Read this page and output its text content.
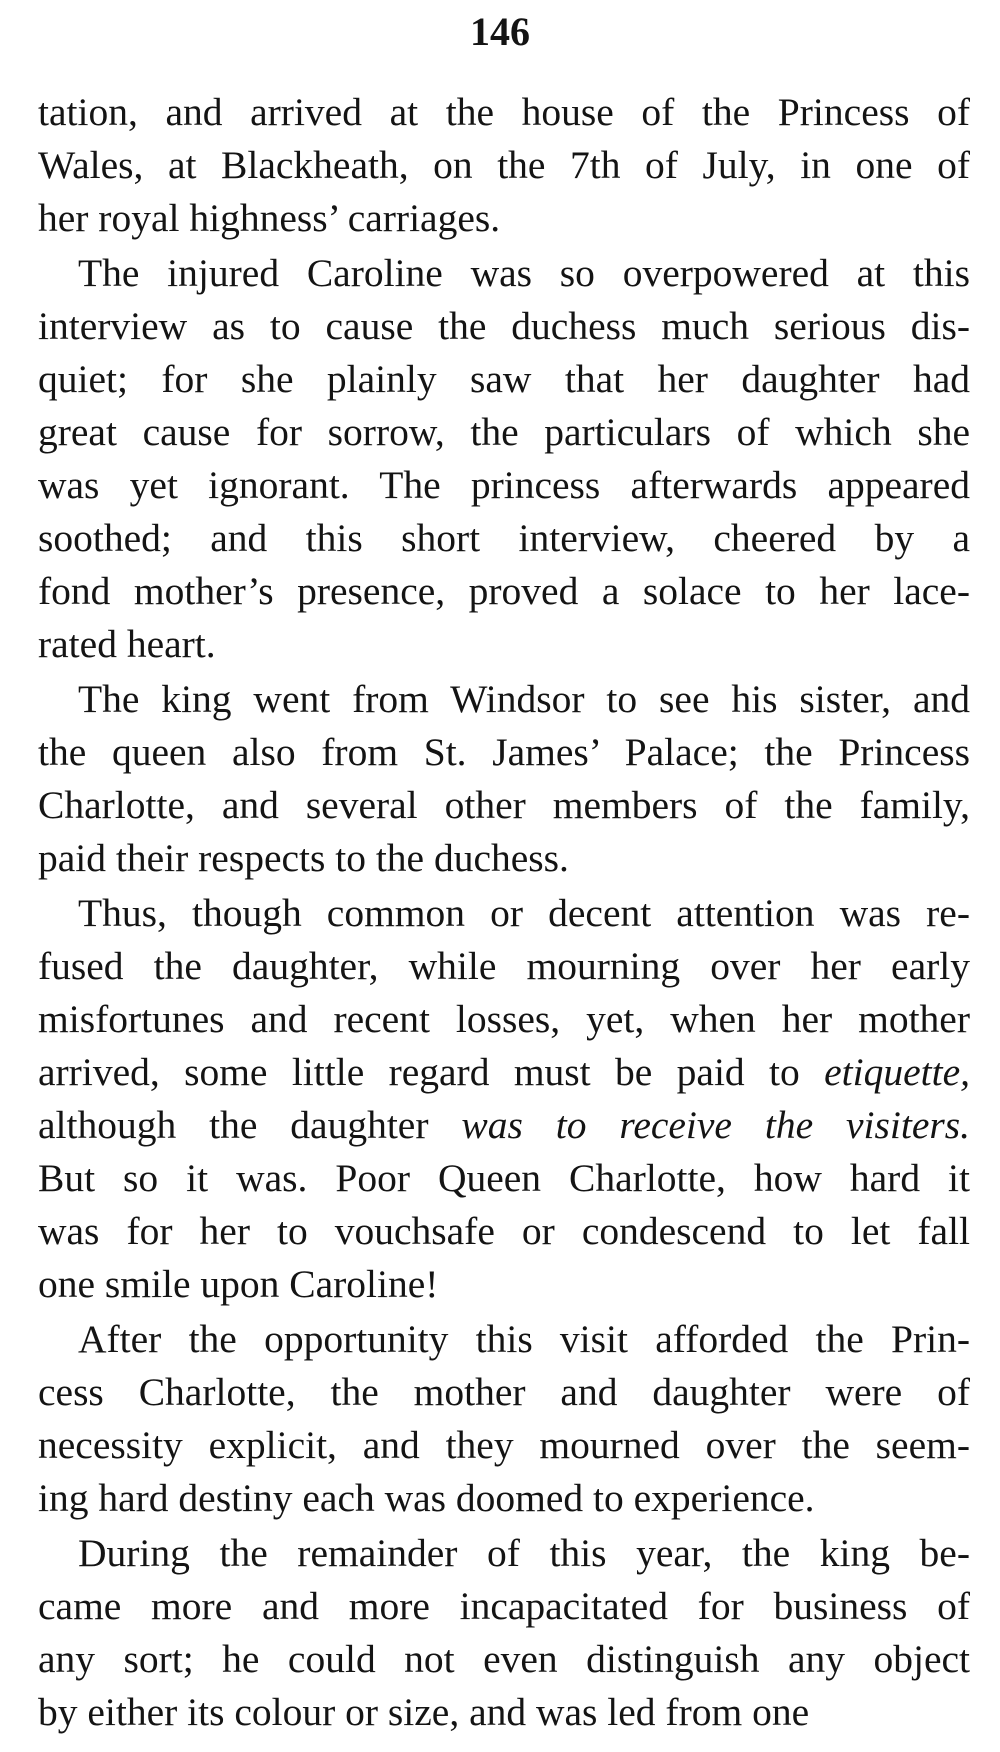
146
tation, and arrived at the house of the Princess of
Wales, at Blackheath, on the 7th of July, in one of
her royal highness’ carriages.
The injured Caroline was so overpowered at this
interview as to cause the duchess much serious dis-
quiet; for she plainly saw that her daughter had
great cause for sorrow, the particulars of which she
was yet ignorant. The princess afterwards appeared
soothed; and this short interview, cheered by a
fond mother’s presence, proved a solace to her lace-
rated heart.
The king went from Windsor to see his sister, and
the queen also from St. James’ Palace; the Princess
Charlotte, and several other members of the family,
paid their respects to the duchess.
Thus, though common or decent attention was re-
fused the daughter, while mourning over her early
misfortunes and recent losses, yet, when her mother
arrived, some little regard must be paid to etiquette,
although the daughter was to receive the visiters.
But so it was. Poor Queen Charlotte, how hard it
was for her to vouchsafe or condescend to let fall
one smile upon Caroline!
After the opportunity this visit afforded the Prin-
cess Charlotte, the mother and daughter were of
necessity explicit, and they mourned over the seem-
ing hard destiny each was doomed to experience.
During the remainder of this year, the king be-
came more and more incapacitated for business of
any sort; he could not even distinguish any object
by either its colour or size, and was led from one
